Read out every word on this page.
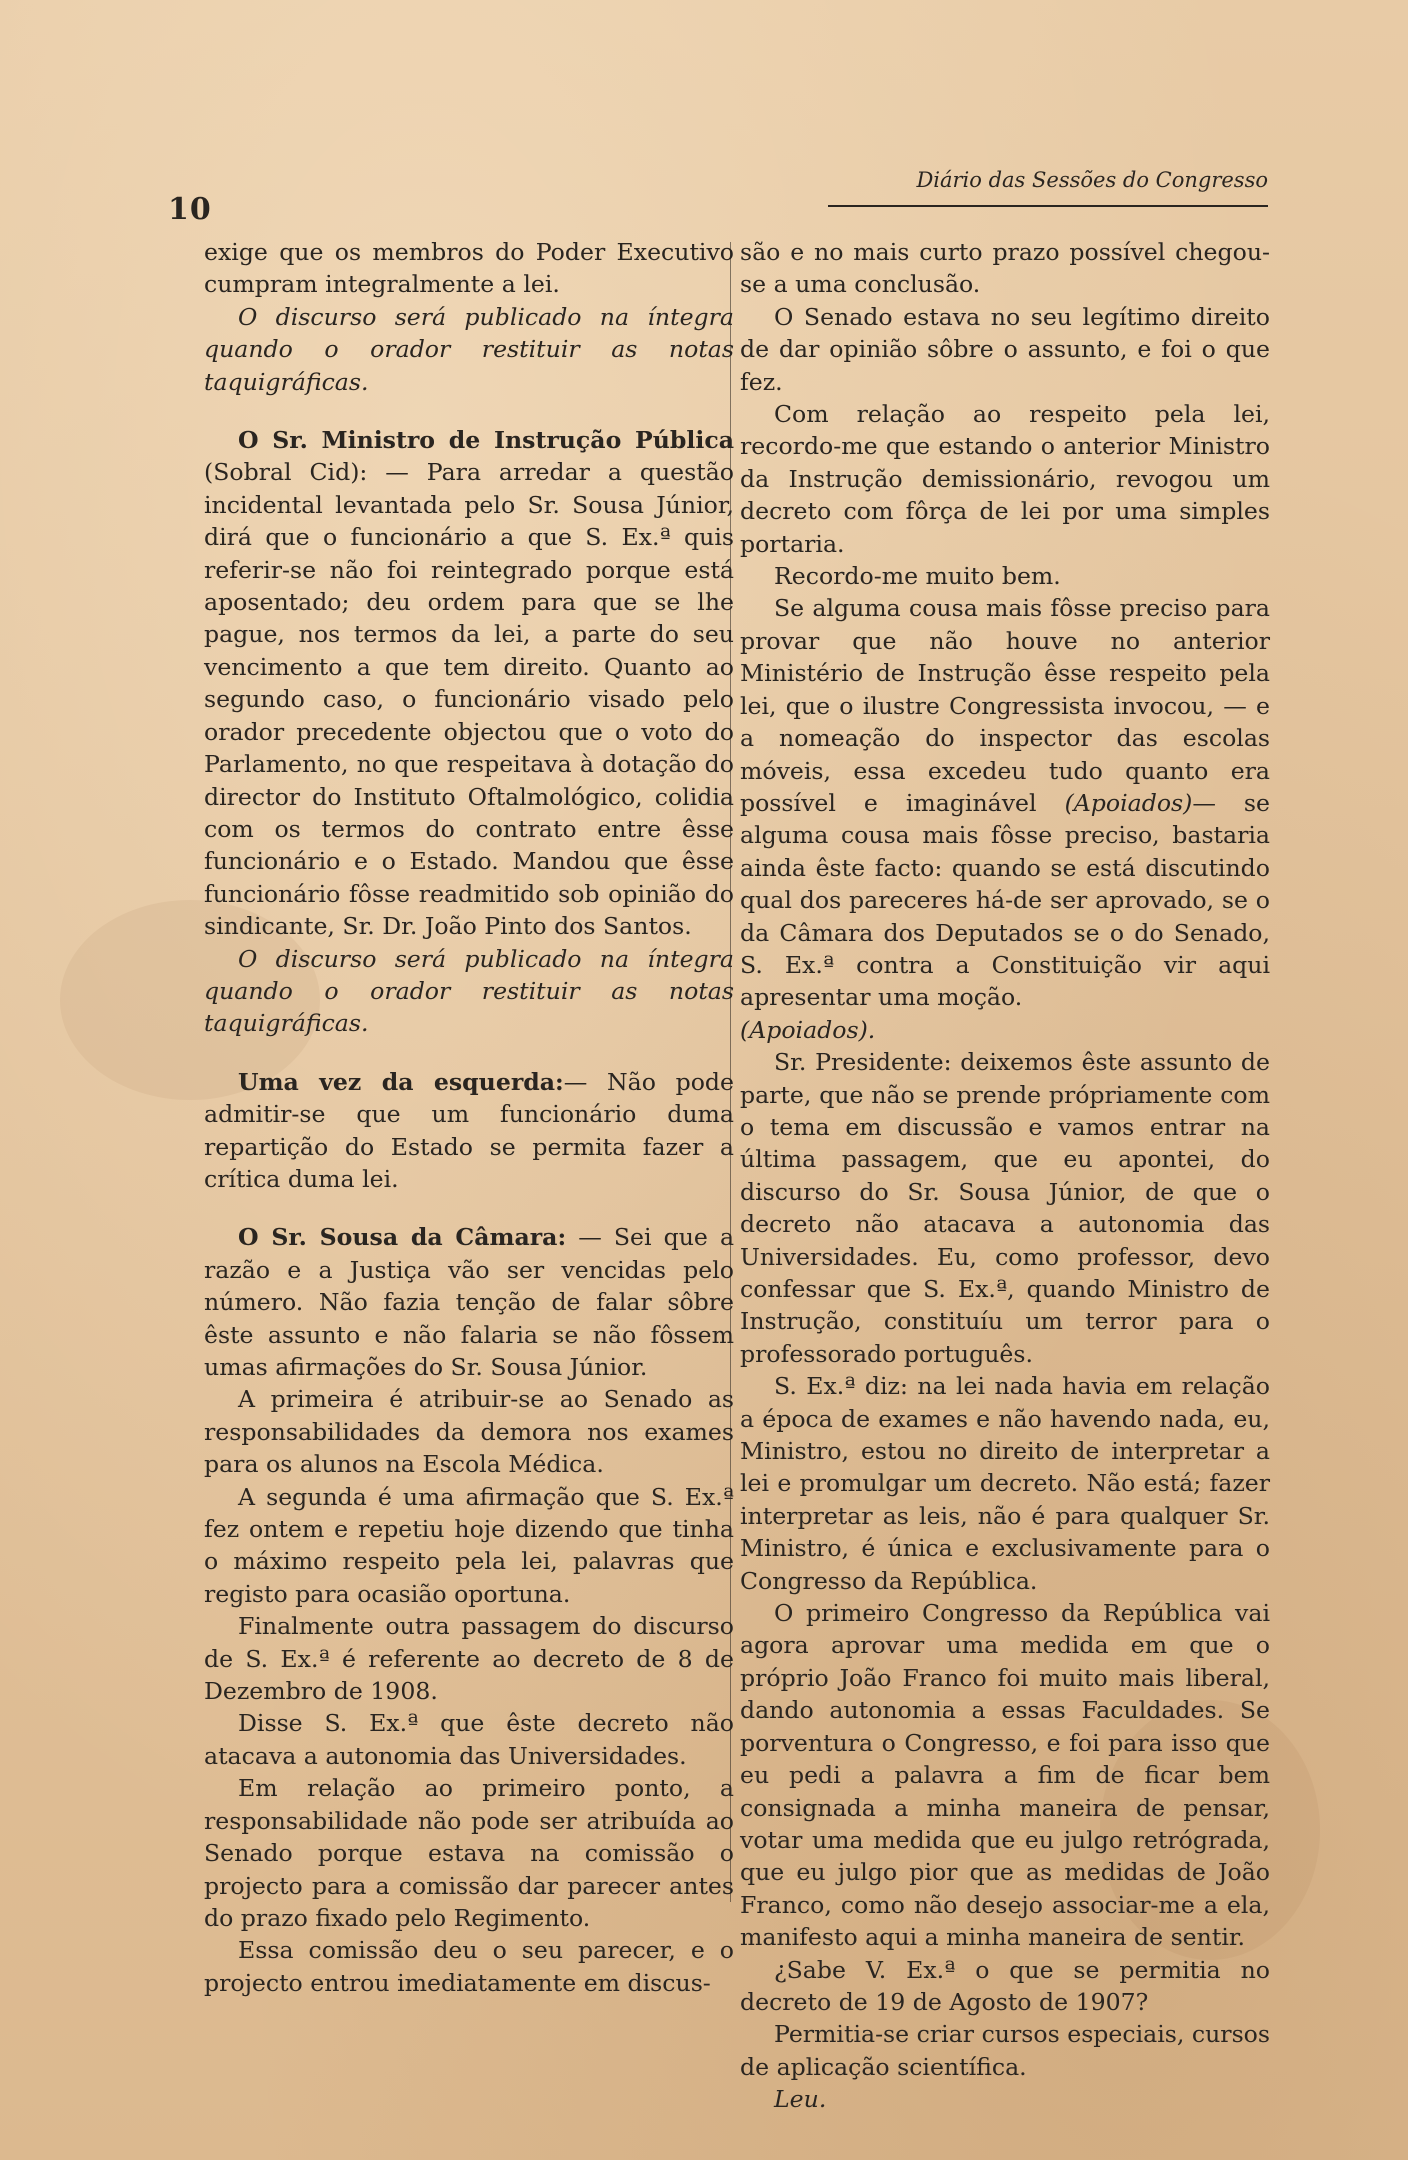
10
Diário das Sessões do Congresso

exige que os membros do Poder Executivo cumpram integralmente a lei.

O discurso será publicado na íntegra quando o orador restituir as notas taquigráficas.

O Sr. Ministro de Instrução Pública (Sobral Cid): — Para arredar a questão incidental levantada pelo Sr. Sousa Júnior, dirá que o funcionário a que S. Ex.ª quis referir-se não foi reintegrado porque está aposentado; deu ordem para que se lhe pague, nos termos da lei, a parte do seu vencimento a que tem direito. Quanto ao segundo caso, o funcionário visado pelo orador precedente objectou que o voto do Parlamento, no que respeitava à dotação do director do Instituto Oftalmológico, colidia com os termos do contrato entre êsse funcionário e o Estado. Mandou que êsse funcionário fôsse readmitido sob opinião do sindicante, Sr. Dr. João Pinto dos Santos.

O discurso será publicado na íntegra quando o orador restituir as notas taquigráficas.

Uma vez da esquerda:— Não pode admitir-se que um funcionário duma repartição do Estado se permita fazer a crítica duma lei.

O Sr. Sousa da Câmara: — Sei que a razão e a Justiça vão ser vencidas pelo número. Não fazia tenção de falar sôbre êste assunto e não falaria se não fôssem umas afirmações do Sr. Sousa Júnior.

A primeira é atribuir-se ao Senado as responsabilidades da demora nos exames para os alunos na Escola Médica.

A segunda é uma afirmação que S. Ex.ª fez ontem e repetiu hoje dizendo que tinha o máximo respeito pela lei, palavras que registo para ocasião oportuna.

Finalmente outra passagem do discurso de S. Ex.ª é referente ao decreto de 8 de Dezembro de 1908.

Disse S. Ex.ª que êste decreto não atacava a autonomia das Universidades.

Em relação ao primeiro ponto, a responsabilidade não pode ser atribuída ao Senado porque estava na comissão o projecto para a comissão dar parecer antes do prazo fixado pelo Regimento.

Essa comissão deu o seu parecer, e o projecto entrou imediatamente em discus-

são e no mais curto prazo possível chegou-se a uma conclusão.

O Senado estava no seu legítimo direito de dar opinião sôbre o assunto, e foi o que fez.

Com relação ao respeito pela lei, recordo-me que estando o anterior Ministro da Instrução demissionário, revogou um decreto com fôrça de lei por uma simples portaria.

Recordo-me muito bem.

Se alguma cousa mais fôsse preciso para provar que não houve no anterior Ministério de Instrução êsse respeito pela lei, que o ilustre Congressista invocou, — e a nomeação do inspector das escolas móveis, essa excedeu tudo quanto era possível e imaginável (Apoiados)— se alguma cousa mais fôsse preciso, bastaria ainda êste facto: quando se está discutindo qual dos pareceres há-de ser aprovado, se o da Câmara dos Deputados se o do Senado, S. Ex.ª contra a Constituição vir aqui apresentar uma moção.

(Apoiados).

Sr. Presidente: deixemos êste assunto de parte, que não se prende própriamente com o tema em discussão e vamos entrar na última passagem, que eu apontei, do discurso do Sr. Sousa Júnior, de que o decreto não atacava a autonomia das Universidades. Eu, como professor, devo confessar que S. Ex.ª, quando Ministro de Instrução, constituíu um terror para o professorado português.

S. Ex.ª diz: na lei nada havia em relação a época de exames e não havendo nada, eu, Ministro, estou no direito de interpretar a lei e promulgar um decreto. Não está; fazer interpretar as leis, não é para qualquer Sr. Ministro, é única e exclusivamente para o Congresso da República.

O primeiro Congresso da República vai agora aprovar uma medida em que o próprio João Franco foi muito mais liberal, dando autonomia a essas Faculdades. Se porventura o Congresso, e foi para isso que eu pedi a palavra a fim de ficar bem consignada a minha maneira de pensar, votar uma medida que eu julgo retrógrada, que eu julgo pior que as medidas de João Franco, como não desejo associar-me a ela, manifesto aqui a minha maneira de sentir.

¿Sabe V. Ex.ª o que se permitia no decreto de 19 de Agosto de 1907?

Permitia-se criar cursos especiais, cursos de aplicação scientífica.

Leu.
